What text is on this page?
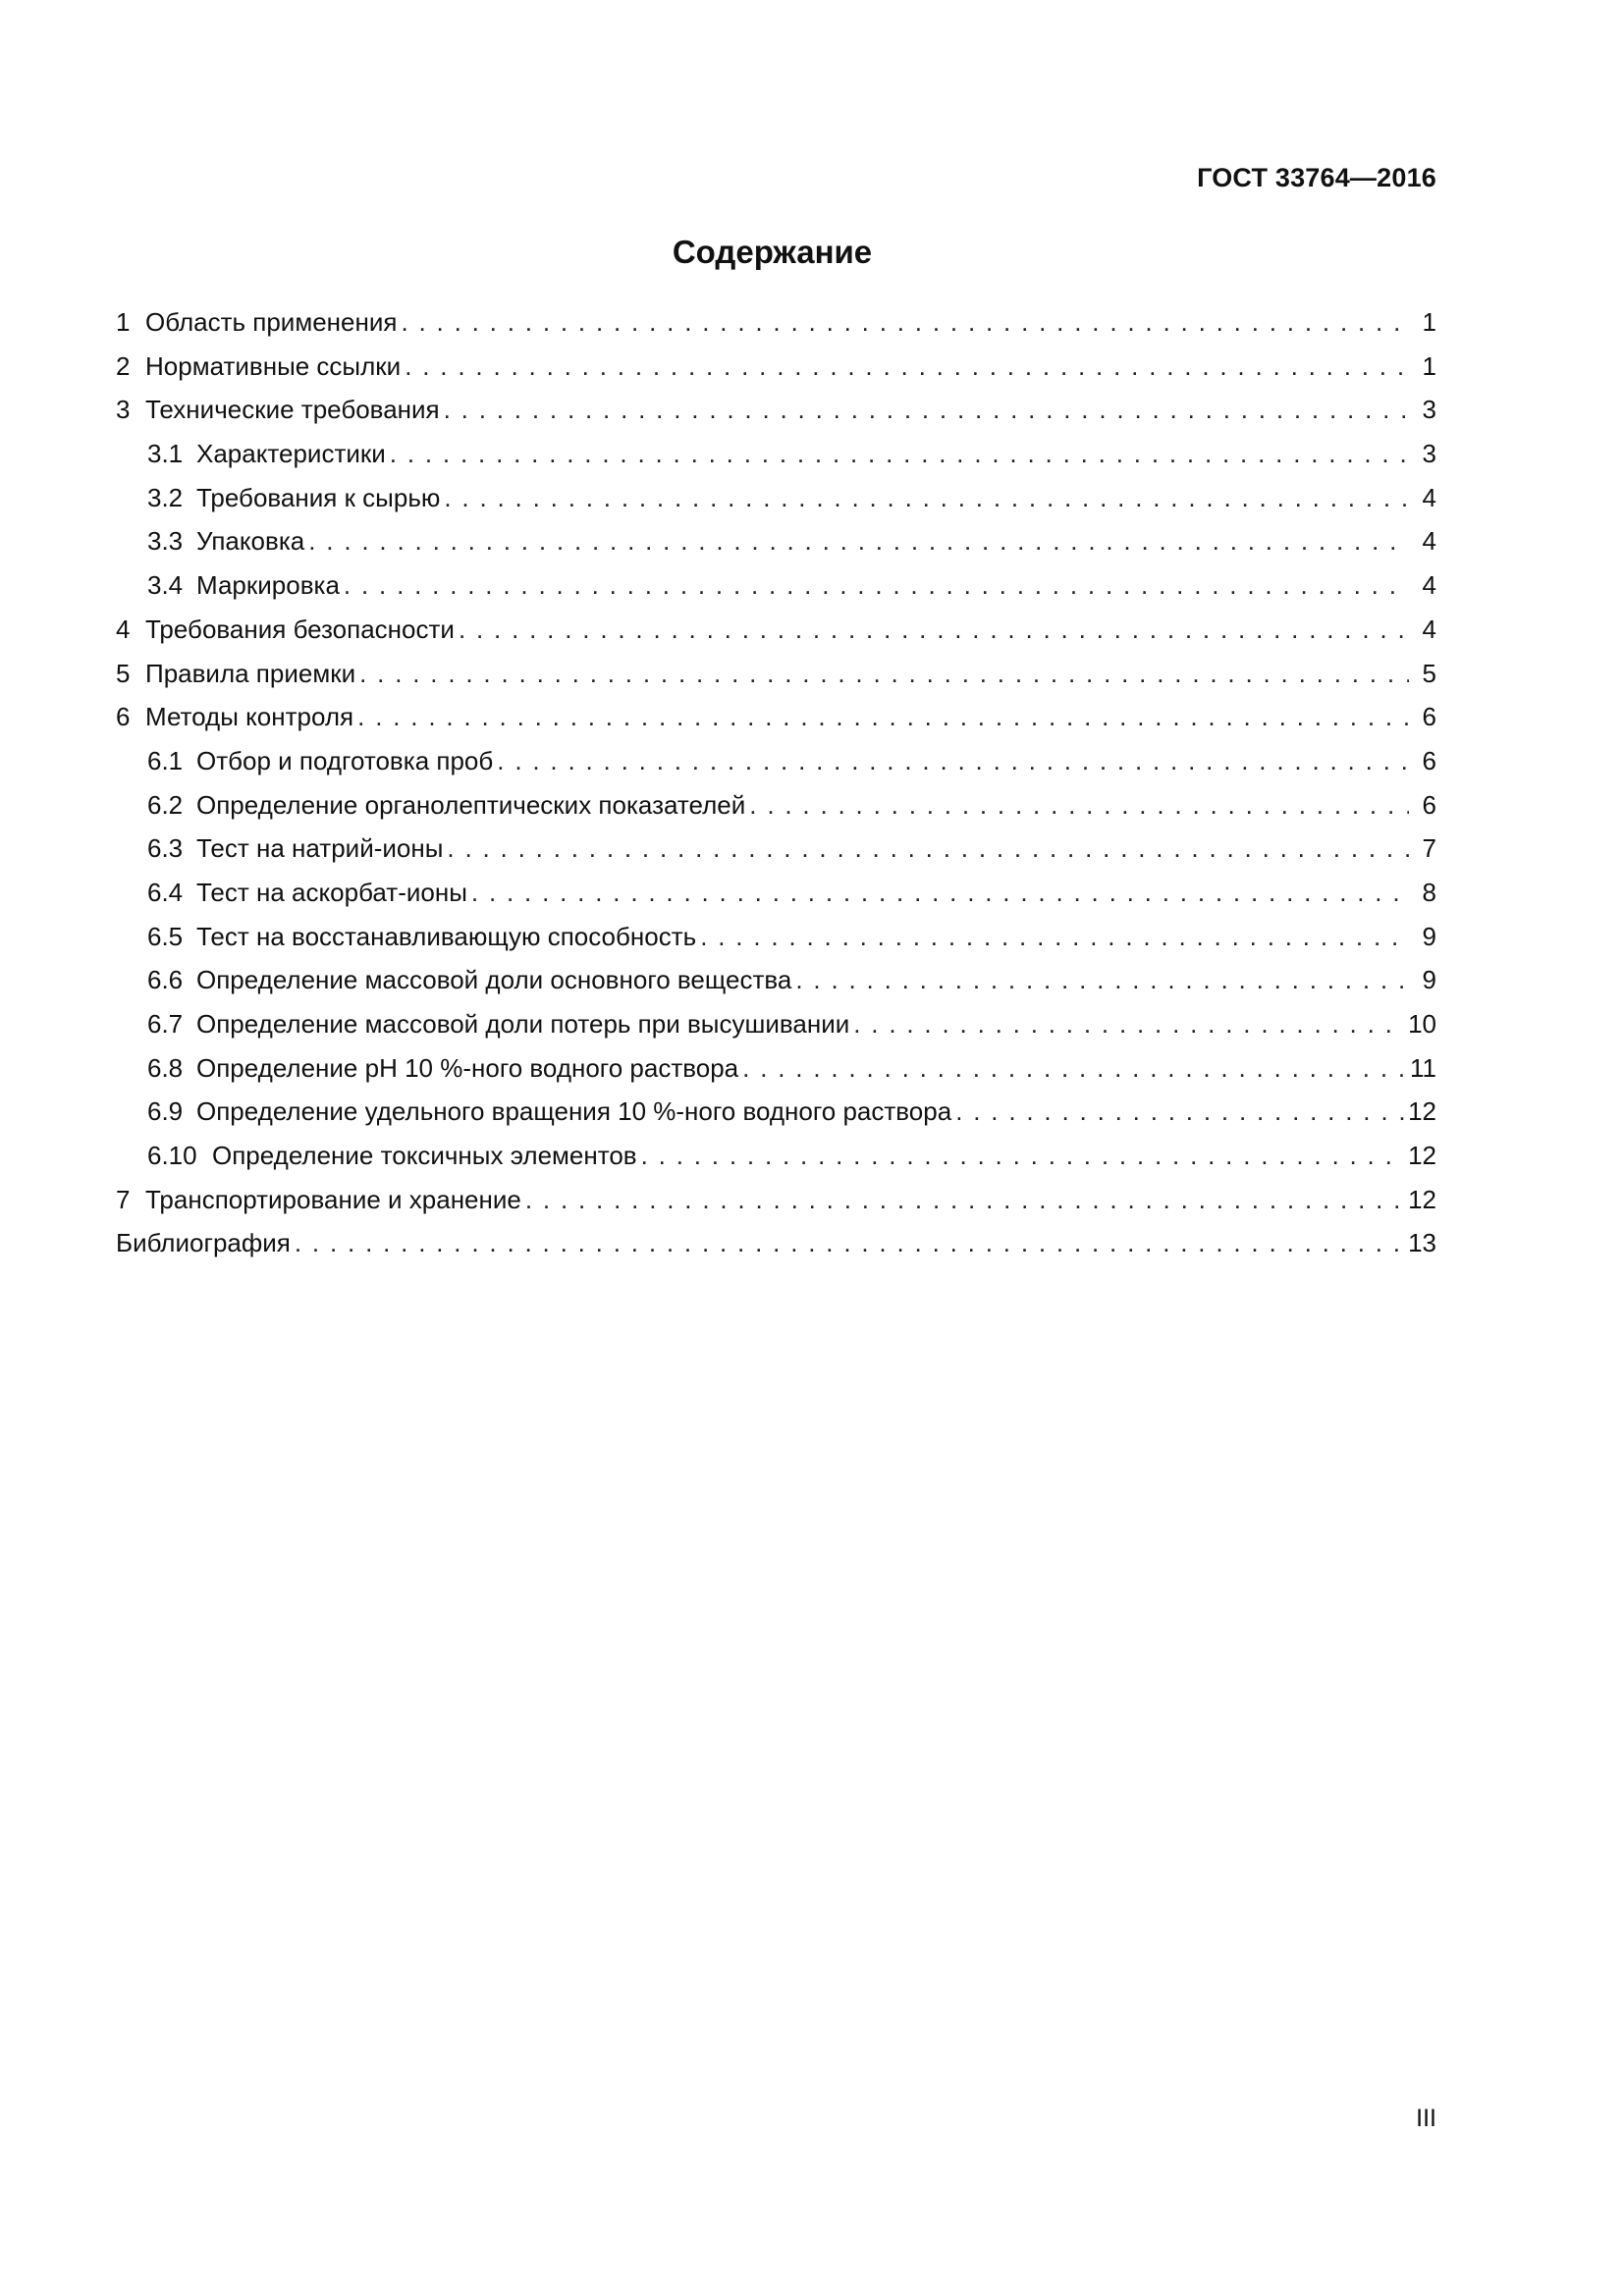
ГОСТ 33764—2016
Содержание
1 Область применения . . .	1
2 Нормативные ссылки . . .	1
3 Технические требования . . .	3
3.1 Характеристики . . .	3
3.2 Требования к сырью . . .	4
3.3 Упаковка . . .	4
3.4 Маркировка . . .	4
4 Требования безопасности . . .	4
5 Правила приемки . . .	5
6 Методы контроля . . .	6
6.1 Отбор и подготовка проб . . .	6
6.2 Определение органолептических показателей . . .	6
6.3 Тест на натрий-ионы . . .	7
6.4 Тест на аскорбат-ионы . . .	8
6.5 Тест на восстанавливающую способность . . .	9
6.6 Определение массовой доли основного вещества . . .	9
6.7 Определение массовой доли потерь при высушивании . . .	10
6.8 Определение pH 10 %-ного водного раствора . . .	11
6.9 Определение удельного вращения 10 %-ного водного раствора . . .	12
6.10 Определение токсичных элементов . . .	12
7 Транспортирование и хранение . . .	12
Библиография . . .	13
III
